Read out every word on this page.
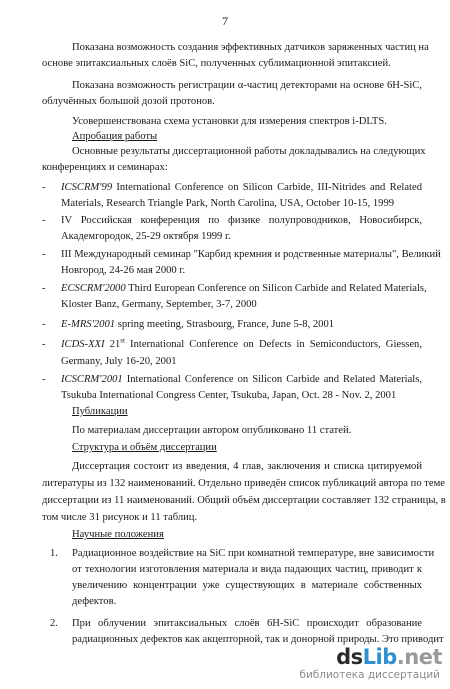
7
Показана возможность создания эффективных датчиков заряженных частиц на
основе эпитаксиальных слоёв SiC, полученных сублимационной эпитаксией.
Показана возможность регистрации α-частиц детекторами на основе 6H-SiC,
облучённых большой дозой протонов.
Усовершенствована схема установки для измерения спектров i-DLTS.
Апробация работы
Основные результаты диссертационной работы докладывались на следующих
конференциях и семинарах:
- ICSCRM'99 International Conference on Silicon Carbide, III-Nitrides and Related
Materials, Research Triangle Park, North Carolina, USA, October 10-15, 1999
- IV Российская конференция по физике полупроводников, Новосибирск,
Академгородок, 25-29 октября 1999 г.
- III Международный семинар "Карбид кремния и родственные материалы", Великий
Новгород, 24-26 мая 2000 г.
- ECSCRM'2000 Third European Conference on Silicon Carbide and Related Materials,
Kloster Banz, Germany, September, 3-7, 2000
- E-MRS'2001 spring meeting, Strasbourg, France, June 5-8, 2001
- ICDS-XXI 21st International Conference on Defects in Semiconductors, Giessen,
Germany, July 16-20, 2001
- ICSCRM'2001 International Conference on Silicon Carbide and Related Materials,
Tsukuba International Congress Center, Tsukuba, Japan, Oct. 28 - Nov. 2, 2001
Публикации
По материалам диссертации автором опубликовано 11 статей.
Структура и объём диссертации
Диссертация состоит из введения, 4 глав, заключения и списка цитируемой
литературы из 132 наименований. Отдельно приведён список публикаций автора по теме
диссертации из 11 наименований. Общий объём диссертации составляет 132 страницы, в
том числе 31 рисунок и 11 таблиц.
Научные положения
1. Радиационное воздействие на SiC при комнатной температуре, вне зависимости
от технологии изготовления материала и вида падающих частиц, приводит к
увеличению концентрации уже существующих в материале собственных
дефектов.
2. При облучении эпитаксиальных слоёв 6H-SiC происходит образование
радиационных дефектов как акцепторной, так и донорной природы. Это приводит
dsLib.net
библиотека диссертаций
